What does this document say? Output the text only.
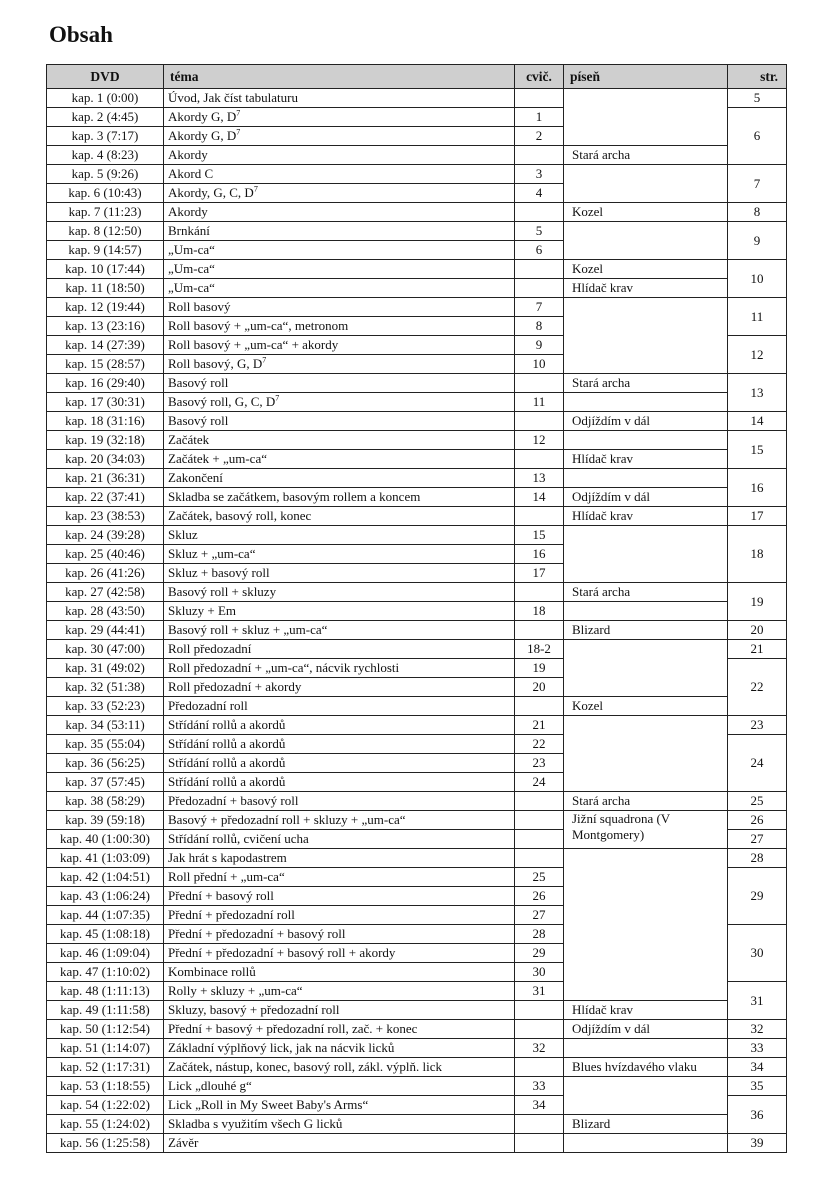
Obsah
DVD	téma	cvič.	píseň	str.
kap. 1 (0:00)	Úvod, Jak číst tabulaturu			5
kap. 2 (4:45)	Akordy G, $D^7$	1		6
kap. 3 (7:17)	Akordy G, $D^7$	2		
kap. 4 (8:23)	Akordy		Stará archa	
kap. 5 (9:26)	Akord C	3		7
kap. 6 (10:43)	Akordy, G, C, $D^7$	4		
kap. 7 (11:23)	Akordy		Kozel	8
kap. 8 (12:50)	Brnkání	5		9
kap. 9 (14:57)	„Um-ca“	6		
kap. 10 (17:44)	„Um-ca“		Kozel	10
kap. 11 (18:50)	„Um-ca“		Hlídač krav	
kap. 12 (19:44)	Roll basový	7		11
kap. 13 (23:16)	Roll basový + „um-ca“, metronom	8		
kap. 14 (27:39)	Roll basový + „um-ca“ + akordy	9		12
kap. 15 (28:57)	Roll basový, G, $D^7$	10		
kap. 16 (29:40)	Basový roll		Stará archa	13
kap. 17 (30:31)	Basový roll, G, C, $D^7$	11		
kap. 18 (31:16)	Basový roll		Odjíždím v dál	14
kap. 19 (32:18)	Začátek	12		15
kap. 20 (34:03)	Začátek + „um-ca“		Hlídač krav	
kap. 21 (36:31)	Zakončení	13		16
kap. 22 (37:41)	Skladba se začátkem, basovým rollem a koncem	14	Odjíždím v dál	
kap. 23 (38:53)	Začátek, basový roll, konec		Hlídač krav	17
kap. 24 (39:28)	Skluz	15		18
kap. 25 (40:46)	Skluz + „um-ca“	16		
kap. 26 (41:26)	Skluz + basový roll	17		
kap. 27 (42:58)	Basový roll + skluzy		Stará archa	19
kap. 28 (43:50)	Skluzy + Em	18		
kap. 29 (44:41)	Basový roll + skluz + „um-ca“		Blizard	20
kap. 30 (47:00)	Roll předozadní	18-2		21
kap. 31 (49:02)	Roll předozadní + „um-ca“, nácvik rychlosti	19		22
kap. 32 (51:38)	Roll předozadní + akordy	20		
kap. 33 (52:23)	Předozadní roll		Kozel	
kap. 34 (53:11)	Střídání rollů a akordů	21		23
kap. 35 (55:04)	Střídání rollů a akordů	22		24
kap. 36 (56:25)	Střídání rollů a akordů	23		
kap. 37 (57:45)	Střídání rollů a akordů	24		
kap. 38 (58:29)	Předozadní + basový roll		Stará archa	25
kap. 39 (59:18)	Basový + předozadní roll + skluzy + „um-ca“		Jižní squadrona (V Montgomery)	26
kap. 40 (1:00:30)	Střídání rollů, cvičení ucha			27
kap. 41 (1:03:09)	Jak hrát s kapodastrem			28
kap. 42 (1:04:51)	Roll přední + „um-ca“	25		29
kap. 43 (1:06:24)	Přední + basový roll	26		
kap. 44 (1:07:35)	Přední + předozadní roll	27		
kap. 45 (1:08:18)	Přední + předozadní + basový roll	28		30
kap. 46 (1:09:04)	Přední + předozadní + basový roll + akordy	29		
kap. 47 (1:10:02)	Kombinace rollů	30		
kap. 48 (1:11:13)	Rolly + skluzy + „um-ca“	31		31
kap. 49 (1:11:58)	Skluzy, basový + předozadní roll		Hlídač krav	
kap. 50 (1:12:54)	Přední + basový + předozadní roll, zač. + konec		Odjíždím v dál	32
kap. 51 (1:14:07)	Základní výplňový lick, jak na nácvik licků	32		33
kap. 52 (1:17:31)	Začátek, nástup, konec, basový roll, zákl. výplň. lick		Blues hvízdavého vlaku	34
kap. 53 (1:18:55)	Lick „dlouhé g“	33		35
kap. 54 (1:22:02)	Lick „Roll in My Sweet Baby's Arms“	34		36
kap. 55 (1:24:02)	Skladba s využitím všech G licků		Blizard	
kap. 56 (1:25:58)	Závěr			39
